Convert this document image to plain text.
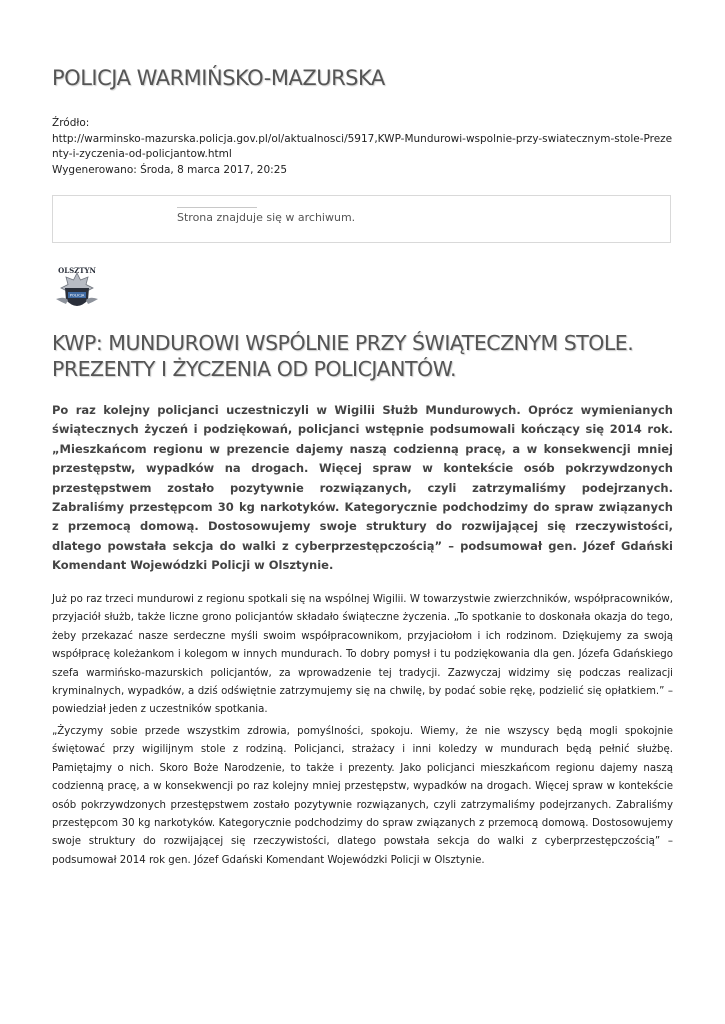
POLICJA WARMIŃSKO-MAZURSKA
Źródło:
http://warminsko-mazurska.policja.gov.pl/ol/aktualnosci/5917,KWP-Mundurowi-wspolnie-przy-swiatecznym-stole-Prezenty-i-zyczenia-od-policjantow.html
Wygenerowano: Środa, 8 marca 2017, 20:25
Strona znajduje się w archiwum.
OLSZTYN
POLICJA
KWP: MUNDUROWI WSPÓLNIE PRZY ŚWIĄTECZNYM STOLE. PREZENTY I ŻYCZENIA OD POLICJANTÓW.

Po raz kolejny policjanci uczestniczyli w Wigilii Służb Mundurowych. Oprócz wymienianych świątecznych życzeń i podziękowań, policjanci wstępnie podsumowali kończący się 2014 rok. „Mieszkańcom regionu w prezencie dajemy naszą codzienną pracę, a w konsekwencji mniej przestępstw, wypadków na drogach. Więcej spraw w kontekście osób pokrzywdzonych przestępstwem zostało pozytywnie rozwiązanych, czyli zatrzymaliśmy podejrzanych. Zabraliśmy przestępcom 30 kg narkotyków. Kategorycznie podchodzimy do spraw związanych z przemocą domową. Dostosowujemy swoje struktury do rozwijającej się rzeczywistości, dlatego powstała sekcja do walki z cyberprzestępczością” – podsumował gen. Józef Gdański Komendant Wojewódzki Policji w Olsztynie.

Już po raz trzeci mundurowi z regionu spotkali się na wspólnej Wigilii. W towarzystwie zwierzchników, współpracowników, przyjaciół służb, także liczne grono policjantów składało świąteczne życzenia. „To spotkanie to doskonała okazja do tego, żeby przekazać nasze serdeczne myśli swoim współpracownikom, przyjaciołom i ich rodzinom. Dziękujemy za swoją współpracę koleżankom i kolegom w innych mundurach. To dobry pomysł i tu podziękowania dla gen. Józefa Gdańskiego szefa warmińsko-mazurskich policjantów, za wprowadzenie tej tradycji. Zazwyczaj widzimy się podczas realizacji kryminalnych, wypadków, a dziś odświętnie zatrzymujemy się na chwilę, by podać sobie rękę, podzielić się opłatkiem.” – powiedział jeden z uczestników spotkania.

„Życzymy sobie przede wszystkim zdrowia, pomyślności, spokoju. Wiemy, że nie wszyscy będą mogli spokojnie świętować przy wigilijnym stole z rodziną. Policjanci, strażacy i inni koledzy w mundurach będą pełnić służbę. Pamiętajmy o nich. Skoro Boże Narodzenie, to także i prezenty. Jako policjanci mieszkańcom regionu dajemy naszą codzienną pracę, a w konsekwencji po raz kolejny mniej przestępstw, wypadków na drogach. Więcej spraw w kontekście osób pokrzywdzonych przestępstwem zostało pozytywnie rozwiązanych, czyli zatrzymaliśmy podejrzanych. Zabraliśmy przestępcom 30 kg narkotyków. Kategorycznie podchodzimy do spraw związanych z przemocą domową. Dostosowujemy swoje struktury do rozwijającej się rzeczywistości, dlatego powstała sekcja do walki z cyberprzestępczością” – podsumował 2014 rok gen. Józef Gdański Komendant Wojewódzki Policji w Olsztynie.
